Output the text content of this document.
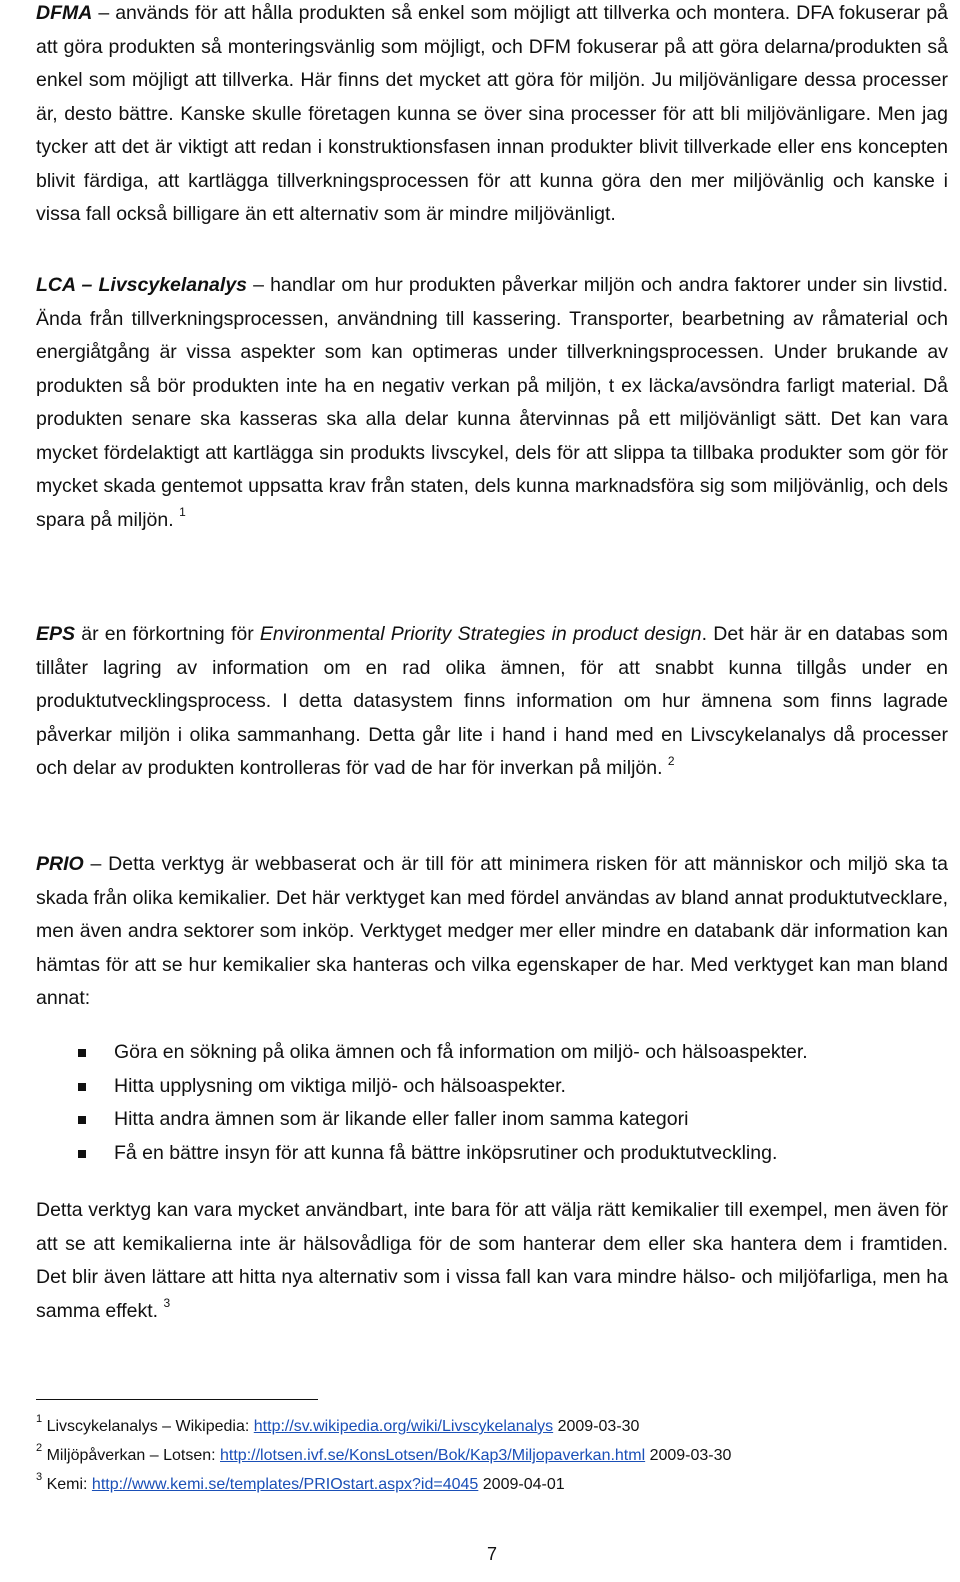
DFMA – används för att hålla produkten så enkel som möjligt att tillverka och montera. DFA fokuserar på att göra produkten så monteringsvänlig som möjligt, och DFM fokuserar på att göra delarna/produkten så enkel som möjligt att tillverka. Här finns det mycket att göra för miljön. Ju miljövänligare dessa processer är, desto bättre. Kanske skulle företagen kunna se över sina processer för att bli miljövänligare. Men jag tycker att det är viktigt att redan i konstruktionsfasen innan produkter blivit tillverkade eller ens koncepten blivit färdiga, att kartlägga tillverkningsprocessen för att kunna göra den mer miljövänlig och kanske i vissa fall också billigare än ett alternativ som är mindre miljövänligt.

LCA – Livscykelanalys – handlar om hur produkten påverkar miljön och andra faktorer under sin livstid. Ända från tillverkningsprocessen, användning till kassering. Transporter, bearbetning av råmaterial och energiåtgång är vissa aspekter som kan optimeras under tillverkningsprocessen. Under brukande av produkten så bör produkten inte ha en negativ verkan på miljön, t ex läcka/avsöndra farligt material. Då produkten senare ska kasseras ska alla delar kunna återvinnas på ett miljövänligt sätt. Det kan vara mycket fördelaktigt att kartlägga sin produkts livscykel, dels för att slippa ta tillbaka produkter som gör för mycket skada gentemot uppsatta krav från staten, dels kunna marknadsföra sig som miljövänlig, och dels spara på miljön. $^1$

EPS är en förkortning för Environmental Priority Strategies in product design. Det här är en databas som tillåter lagring av information om en rad olika ämnen, för att snabbt kunna tillgås under en produktutvecklingsprocess. I detta datasystem finns information om hur ämnena som finns lagrade påverkar miljön i olika sammanhang. Detta går lite i hand i hand med en Livscykelanalys då processer och delar av produkten kontrolleras för vad de har för inverkan på miljön. $^2$

PRIO – Detta verktyg är webbaserat och är till för att minimera risken för att människor och miljö ska ta skada från olika kemikalier. Det här verktyget kan med fördel användas av bland annat produktutvecklare, men även andra sektorer som inköp. Verktyget medger mer eller mindre en databank där information kan hämtas för att se hur kemikalier ska hanteras och vilka egenskaper de har. Med verktyget kan man bland annat:

Göra en sökning på olika ämnen och få information om miljö- och hälsoaspekter.
Hitta upplysning om viktiga miljö- och hälsoaspekter.
Hitta andra ämnen som är likande eller faller inom samma kategori
Få en bättre insyn för att kunna få bättre inköpsrutiner och produktutveckling.

Detta verktyg kan vara mycket användbart, inte bara för att välja rätt kemikalier till exempel, men även för att se att kemikalierna inte är hälsovådliga för de som hanterar dem eller ska hantera dem i framtiden. Det blir även lättare att hitta nya alternativ som i vissa fall kan vara mindre hälso- och miljöfarliga, men ha samma effekt. $^3$

$^1$ Livscykelanalys – Wikipedia: http://sv.wikipedia.org/wiki/Livscykelanalys 2009-03-30
$^2$ Miljöpåverkan – Lotsen: http://lotsen.ivf.se/KonsLotsen/Bok/Kap3/Miljopaverkan.html 2009-03-30
$^3$ Kemi: http://www.kemi.se/templates/PRIOstart.aspx?id=4045 2009-04-01
7
